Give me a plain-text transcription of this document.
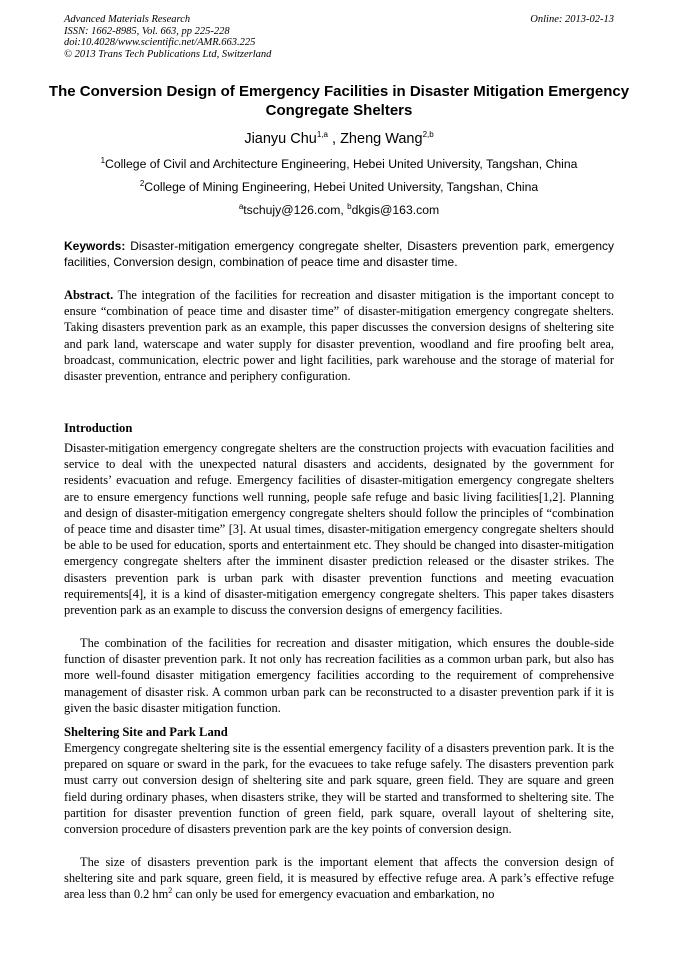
Advanced Materials Research
ISSN: 1662-8985, Vol. 663, pp 225-228
doi:10.4028/www.scientific.net/AMR.663.225
© 2013 Trans Tech Publications Ltd, Switzerland
Online: 2013-02-13
The Conversion Design of Emergency Facilities in Disaster Mitigation Emergency Congregate Shelters
Jianyu Chu$^{1,a}$ , Zheng Wang$^{2,b}$
$^1$College of Civil and Architecture Engineering, Hebei United University, Tangshan, China
$^2$College of Mining Engineering, Hebei United University, Tangshan, China
$^a$tschujy@126.com, $^b$dkgis@163.com
Keywords: Disaster-mitigation emergency congregate shelter, Disasters prevention park, emergency facilities, Conversion design, combination of peace time and disaster time.
Abstract. The integration of the facilities for recreation and disaster mitigation is the important concept to ensure “combination of peace time and disaster time” of disaster-mitigation emergency congregate shelters. Taking disasters prevention park as an example, this paper discusses the conversion designs of sheltering site and park land, waterscape and water supply for disaster prevention, woodland and fire proofing belt area, broadcast, communication, electric power and light facilities, park warehouse and the storage of material for disaster prevention, entrance and periphery configuration.
Introduction
Disaster-mitigation emergency congregate shelters are the construction projects with evacuation facilities and service to deal with the unexpected natural disasters and accidents, designated by the government for residents’ evacuation and refuge. Emergency facilities of disaster-mitigation emergency congregate shelters are to ensure emergency functions well running, people safe refuge and basic living facilities[1,2]. Planning and design of disaster-mitigation emergency congregate shelters should follow the principles of “combination of peace time and disaster time” [3]. At usual times, disaster-mitigation emergency congregate shelters should be able to be used for education, sports and entertainment etc. They should be changed into disaster-mitigation emergency congregate shelters after the imminent disaster prediction released or the disaster strikes. The disasters prevention park is urban park with disaster prevention functions and meeting evacuation requirements[4], it is a kind of disaster-mitigation emergency congregate shelters. This paper takes disasters prevention park as an example to discuss the conversion designs of emergency facilities.
The combination of the facilities for recreation and disaster mitigation, which ensures the double-side function of disaster prevention park. It not only has recreation facilities as a common urban park, but also has more well-found disaster mitigation emergency facilities according to the requirement of comprehensive management of disaster risk. A common urban park can be reconstructed to a disaster prevention park if it is given the basic disaster mitigation function.
Sheltering Site and Park Land
Emergency congregate sheltering site is the essential emergency facility of a disasters prevention park. It is the prepared on square or sward in the park, for the evacuees to take refuge safely. The disasters prevention park must carry out conversion design of sheltering site and park square, green field. They are square and green field during ordinary phases, when disasters strike, they will be started and transformed to sheltering site. The partition for disaster prevention function of green field, park square, overall layout of sheltering site, conversion procedure of disasters prevention park are the key points of conversion design.
The size of disasters prevention park is the important element that affects the conversion design of sheltering site and park square, green field, it is measured by effective refuge area. A park’s effective refuge area less than 0.2 $hm^2$ can only be used for emergency evacuation and embarkation, no
